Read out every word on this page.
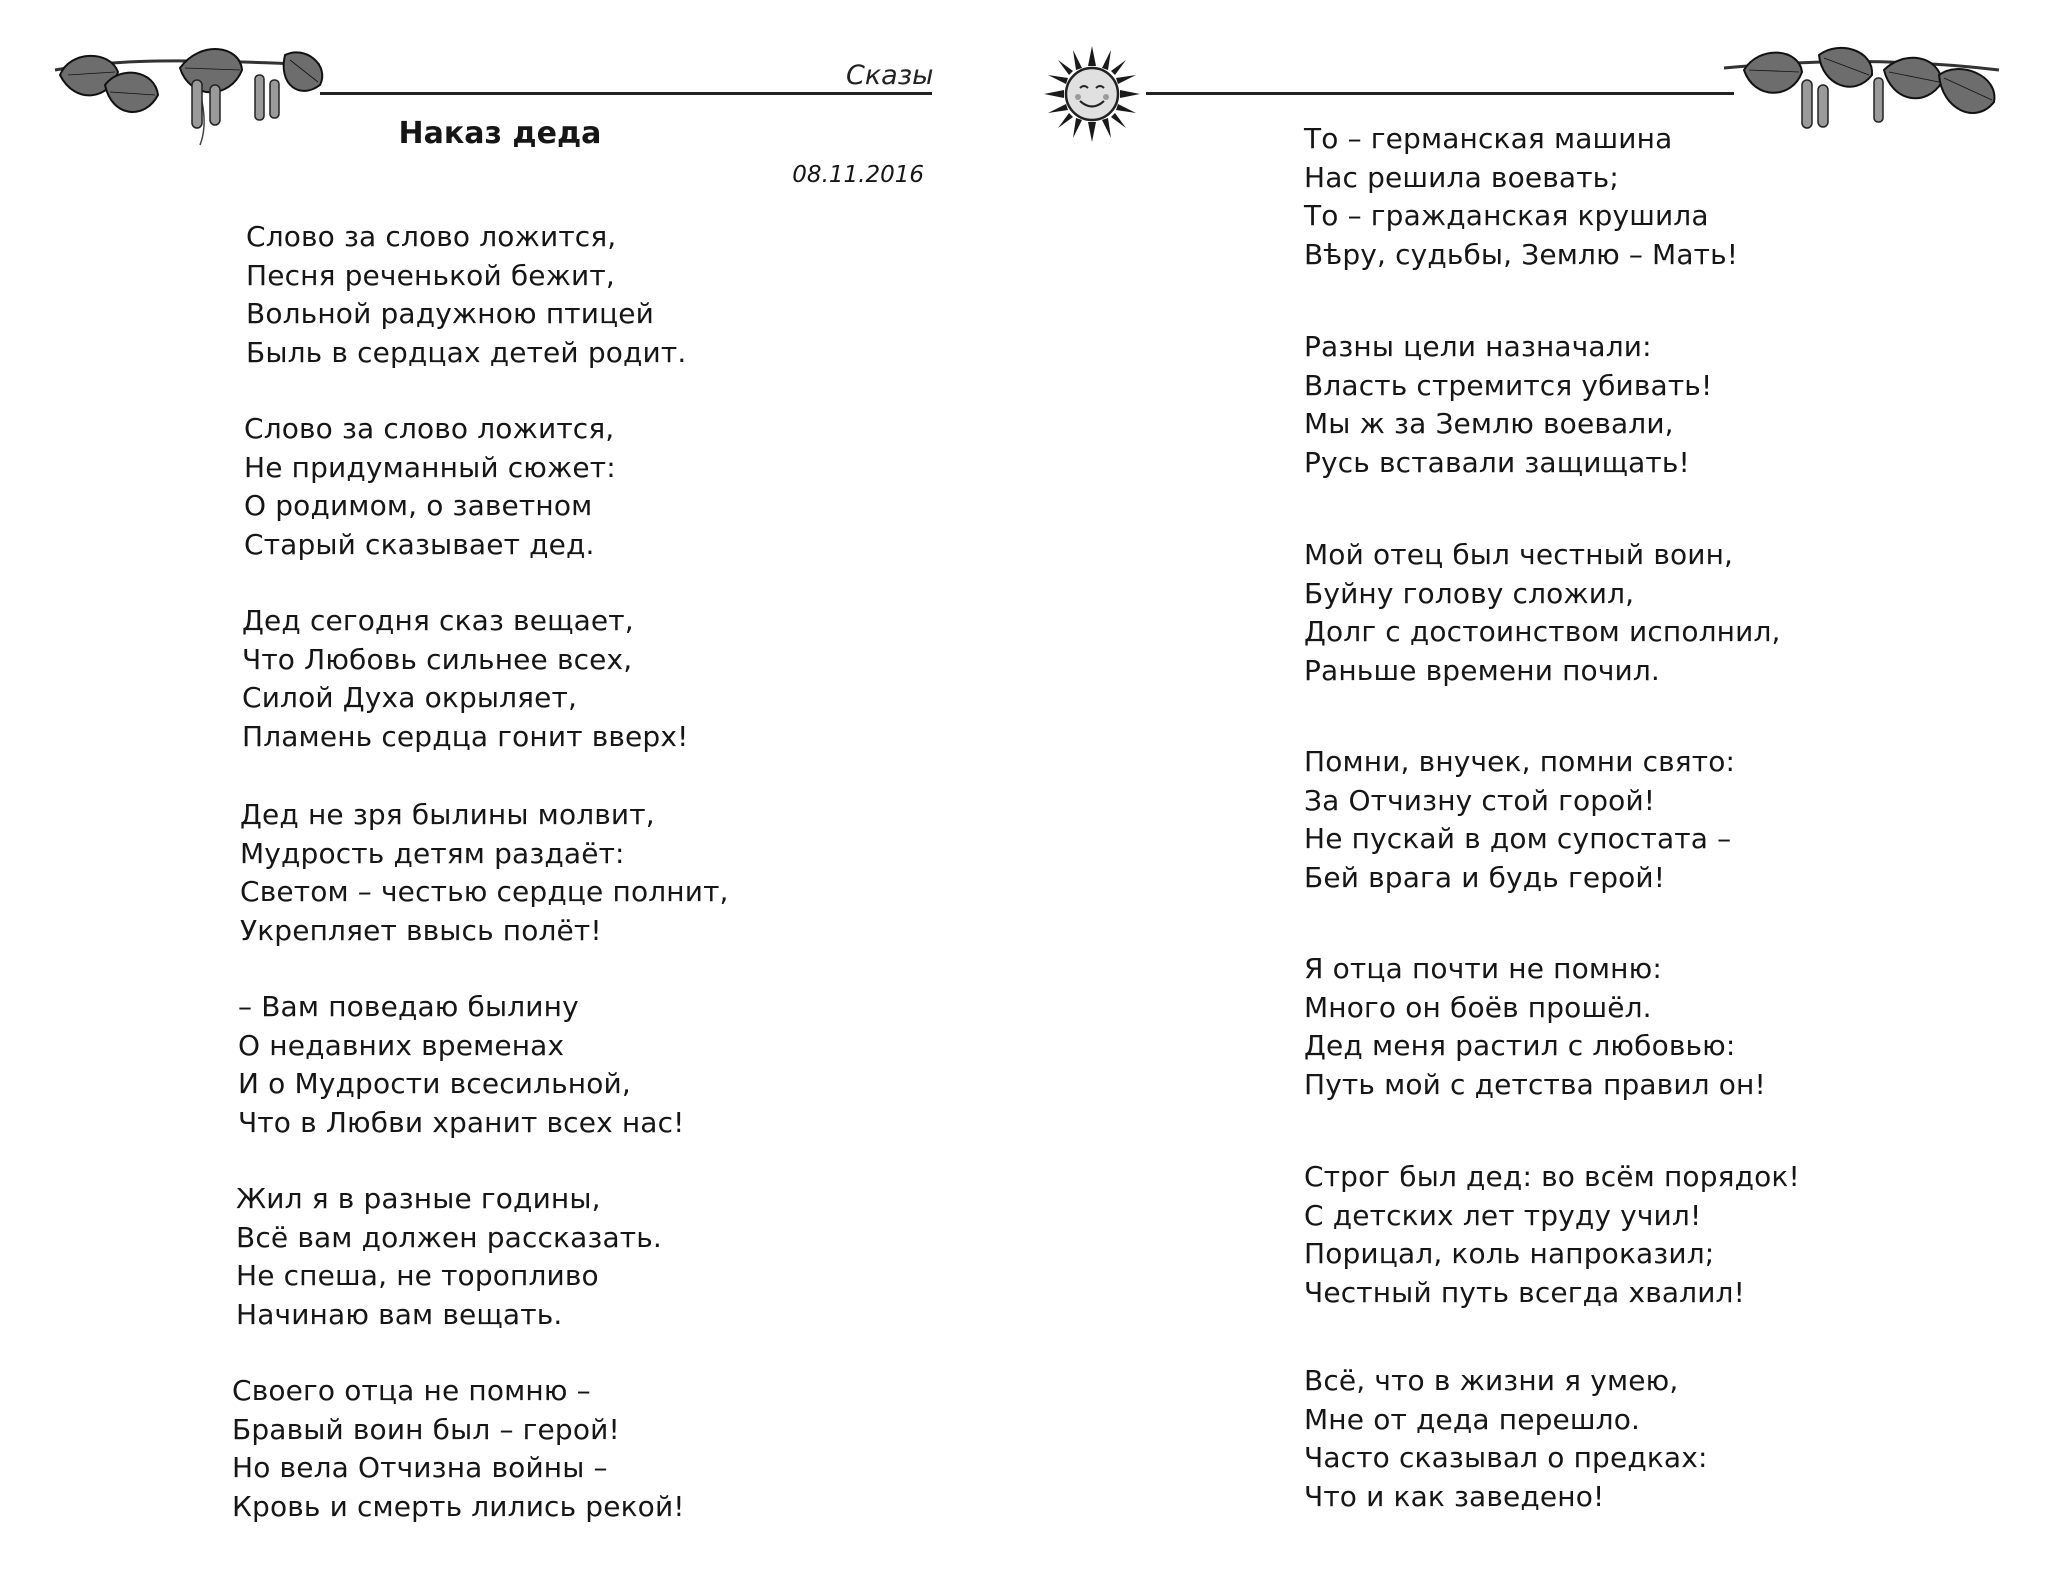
Сказы
Наказ деда

08.11.2016

Слово за слово ложится,
Песня реченькой бежит,
Вольной радужною птицей
Быль в сердцах детей родит.
Слово за слово ложится,
Не придуманный сюжет:
О родимом, о заветном
Старый сказывает дед.
Дед сегодня сказ вещает,
Что Любовь сильнее всех,
Силой Духа окрыляет,
Пламень сердца гонит вверх!
Дед не зря былины молвит,
Мудрость детям раздаёт:
Светом – честью сердце полнит,
Укрепляет ввысь полёт!
– Вам поведаю былину
О недавних временах
И о Мудрости всесильной,
Что в Любви хранит всех нас!
Жил я в разные годины,
Всё вам должен рассказать.
Не спеша, не торопливо
Начинаю вам вещать.
Своего отца не помню –
Бравый воин был – герой!
Но вела Отчизна войны –
Кровь и смерть лились рекой!
То – германская машина
Нас решила воевать;
То – гражданская крушила
Вѣру, судьбы, Землю – Мать!
Разны цели назначали:
Власть стремится убивать!
Мы ж за Землю воевали,
Русь вставали защищать!
Мой отец был честный воин,
Буйну голову сложил,
Долг с достоинством исполнил,
Раньше времени почил.
Помни, внучек, помни свято:
За Отчизну стой горой!
Не пускай в дом супостата –
Бей врага и будь герой!
Я отца почти не помню:
Много он боёв прошёл.
Дед меня растил с любовью:
Путь мой с детства правил он!
Строг был дед: во всём порядок!
С детских лет труду учил!
Порицал, коль напроказил;
Честный путь всегда хвалил!
Всё, что в жизни я умею,
Мне от деда перешло.
Часто сказывал о предках:
Что и как заведено!
